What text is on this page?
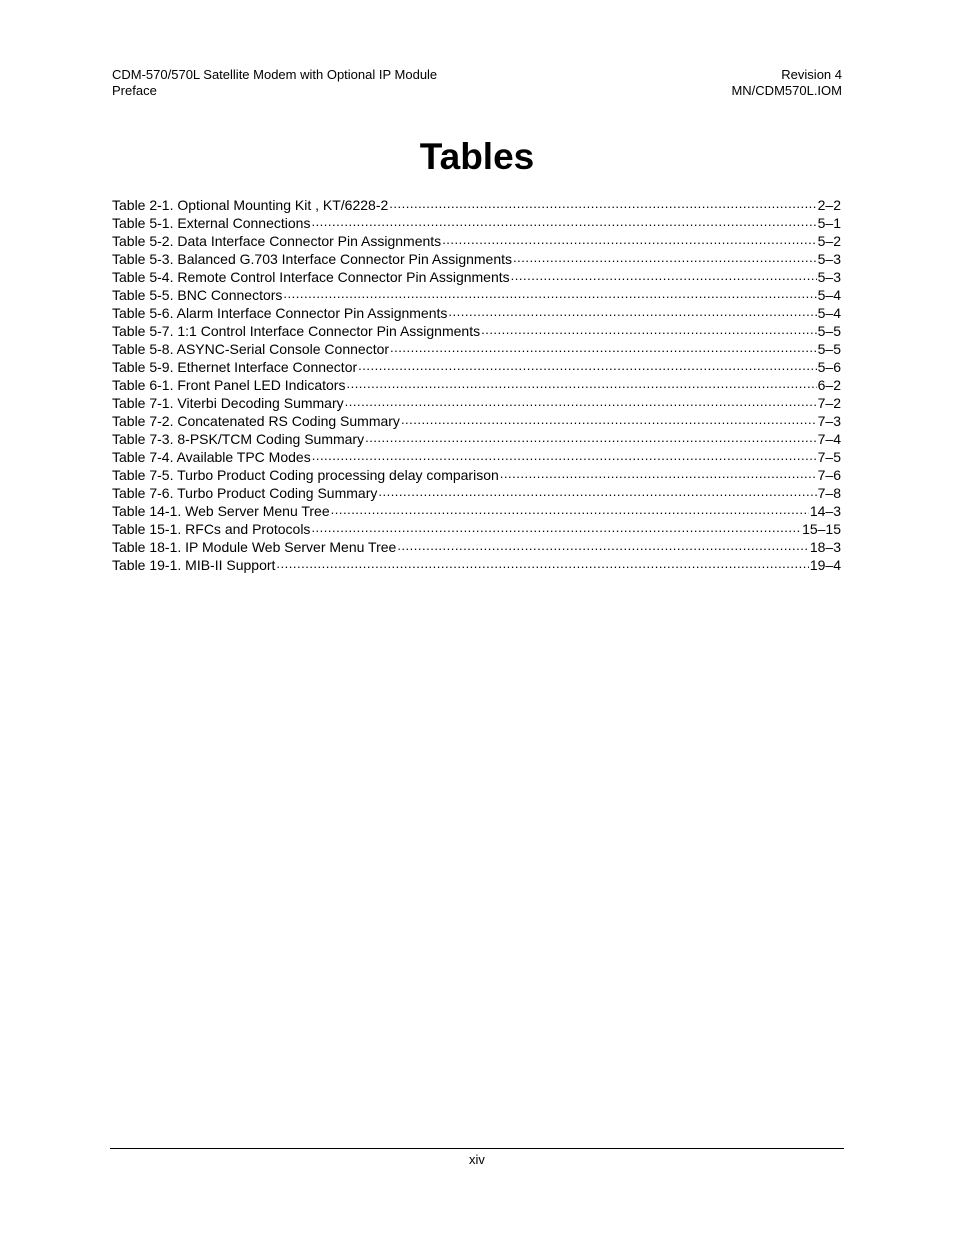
CDM-570/570L Satellite Modem with Optional IP Module
Preface
Revision 4
MN/CDM570L.IOM
Tables
Table 2-1. Optional Mounting Kit , KT/6228-2 .....	2–2
Table 5-1. External Connections .....	5–1
Table 5-2. Data Interface Connector Pin Assignments .....	5–2
Table 5-3. Balanced G.703 Interface Connector Pin Assignments .....	5–3
Table 5-4. Remote Control Interface Connector Pin Assignments .....	5–3
Table 5-5. BNC Connectors .....	5–4
Table 5-6. Alarm Interface Connector Pin Assignments .....	5–4
Table 5-7. 1:1 Control Interface Connector Pin Assignments .....	5–5
Table 5-8. ASYNC-Serial Console Connector .....	5–5
Table 5-9. Ethernet Interface Connector .....	5–6
Table 6-1. Front Panel LED Indicators .....	6–2
Table 7-1. Viterbi Decoding Summary .....	7–2
Table 7-2. Concatenated RS Coding Summary .....	7–3
Table 7-3. 8-PSK/TCM Coding Summary .....	7–4
Table 7-4. Available TPC Modes .....	7–5
Table 7-5. Turbo Product Coding processing delay comparison .....	7–6
Table 7-6. Turbo Product Coding Summary .....	7–8
Table 14-1. Web Server Menu Tree .....	14–3
Table 15-1. RFCs and Protocols .....	15–15
Table 18-1. IP Module Web Server Menu Tree .....	18–3
Table 19-1. MIB-II Support .....	19–4
xiv
